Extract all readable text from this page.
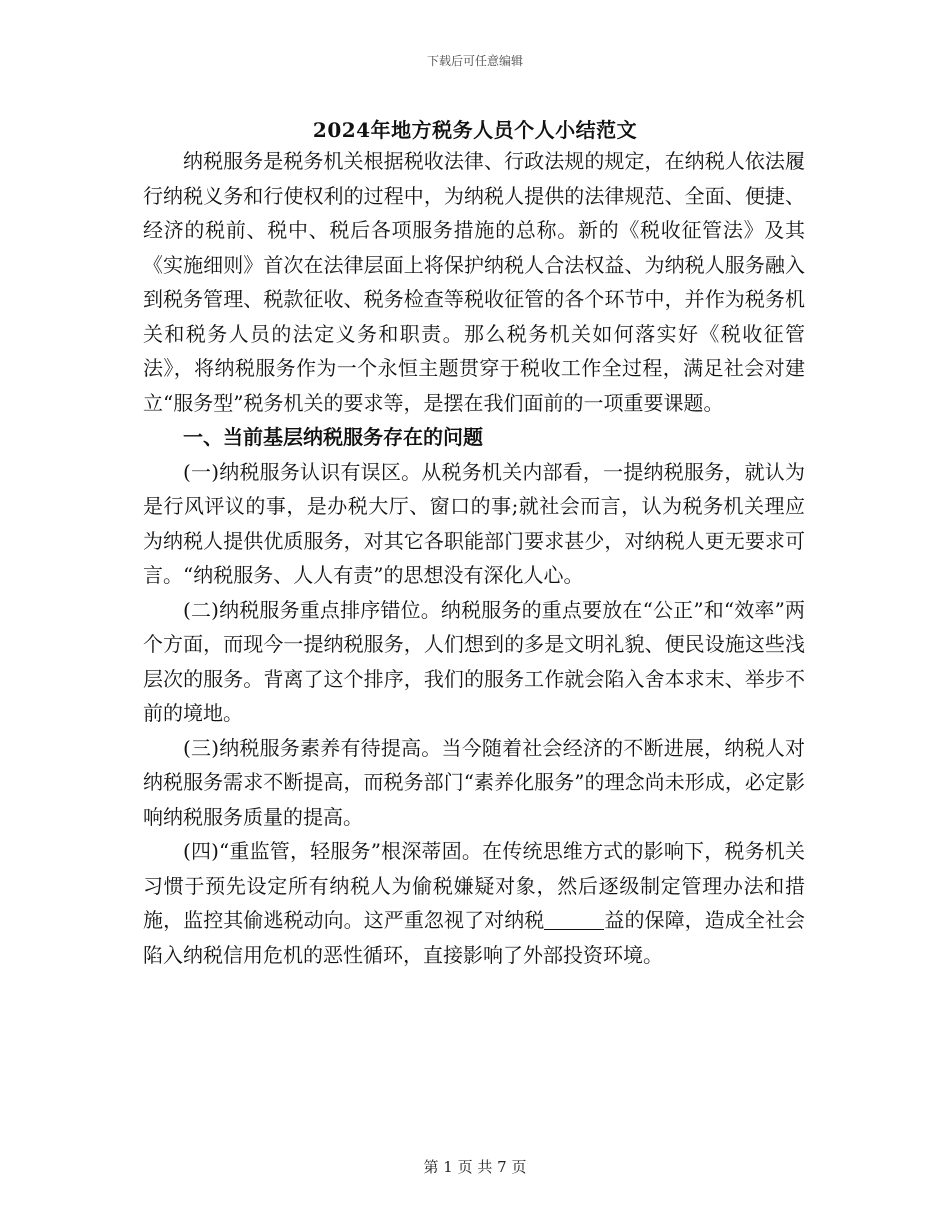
下载后可任意编辑
2024年地方税务人员个人小结范文

纳税服务是税务机关根据税收法律、行政法规的规定，在纳税人依法履行纳税义务和行使权利的过程中，为纳税人提供的法律规范、全面、便捷、经济的税前、税中、税后各项服务措施的总称。新的《税收征管法》及其《实施细则》首次在法律层面上将保护纳税人合法权益、为纳税人服务融入到税务管理、税款征收、税务检查等税收征管的各个环节中，并作为税务机关和税务人员的法定义务和职责。那么税务机关如何落实好《税收征管法》，将纳税服务作为一个永恒主题贯穿于税收工作全过程，满足社会对建立“服务型”税务机关的要求等，是摆在我们面前的一项重要课题。

一、当前基层纳税服务存在的问题

(一)纳税服务认识有误区。从税务机关内部看，一提纳税服务，就认为是行风评议的事，是办税大厅、窗口的事;就社会而言，认为税务机关理应为纳税人提供优质服务，对其它各职能部门要求甚少，对纳税人更无要求可言。“纳税服务、人人有责”的思想没有深化人心。

(二)纳税服务重点排序错位。纳税服务的重点要放在“公正”和“效率”两个方面，而现今一提纳税服务，人们想到的多是文明礼貌、便民设施这些浅层次的服务。背离了这个排序，我们的服务工作就会陷入舍本求末、举步不前的境地。

(三)纳税服务素养有待提高。当今随着社会经济的不断进展，纳税人对纳税服务需求不断提高，而税务部门“素养化服务”的理念尚未形成，必定影响纳税服务质量的提高。

(四)“重监管，轻服务”根深蒂固。在传统思维方式的影响下，税务机关习惯于预先设定所有纳税人为偷税嫌疑对象，然后逐级制定管理办法和措施，监控其偷逃税动向。这严重忽视了对纳税	益的保障，造成全社会陷入纳税信用危机的恶性循环，直接影响了外部投资环境。

第 1 页 共 7 页
